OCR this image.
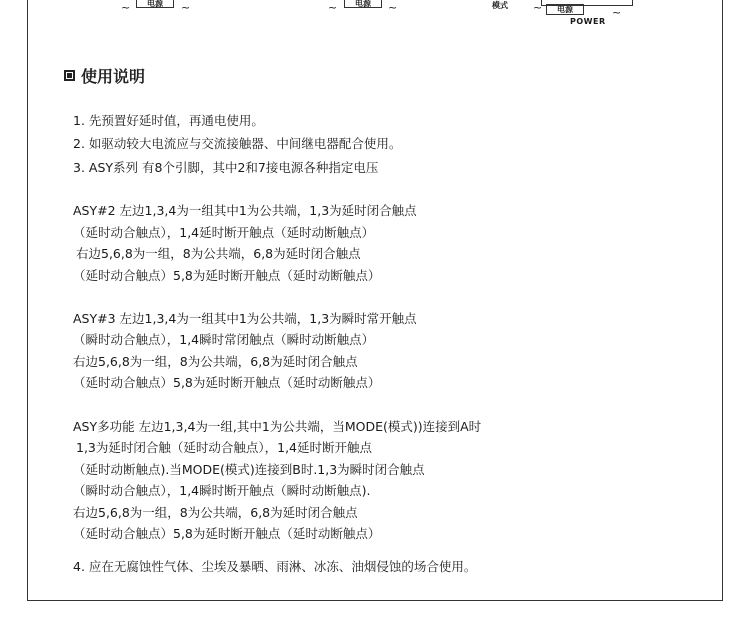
~	电源	~	~	电源	~	模式 ~	电源	~
POWER
使用说明
1. 先预置好延时值，再通电使用。
2. 如驱动较大电流应与交流接触器、中间继电器配合使用。
3. ASY系列 有8个引脚，其中2和7接电源各种指定电压
ASY#2 左边1,3,4为一组其中1为公共端，1,3为延时闭合触点
（延时动合触点），1,4延时断开触点（延时动断触点）
右边5,6,8为一组，8为公共端，6,8为延时闭合触点
（延时动合触点）5,8为延时断开触点（延时动断触点）
ASY#3 左边1,3,4为一组其中1为公共端，1,3为瞬时常开触点
（瞬时动合触点），1,4瞬时常闭触点（瞬时动断触点）
右边5,6,8为一组，8为公共端，6,8为延时闭合触点
（延时动合触点）5,8为延时断开触点（延时动断触点）
ASY多功能 左边1,3,4为一组,其中1为公共端，当MODE(模式))连接到A时
1,3为延时闭合触（延时动合触点），1,4延时断开触点
（延时动断触点).当MODE(模式)连接到B时.1,3为瞬时闭合触点
（瞬时动合触点），1,4瞬时断开触点（瞬时动断触点).
右边5,6,8为一组，8为公共端，6,8为延时闭合触点
（延时动合触点）5,8为延时断开触点（延时动断触点）
4. 应在无腐蚀性气体、尘埃及暴晒、雨淋、冰冻、油烟侵蚀的场合使用。
